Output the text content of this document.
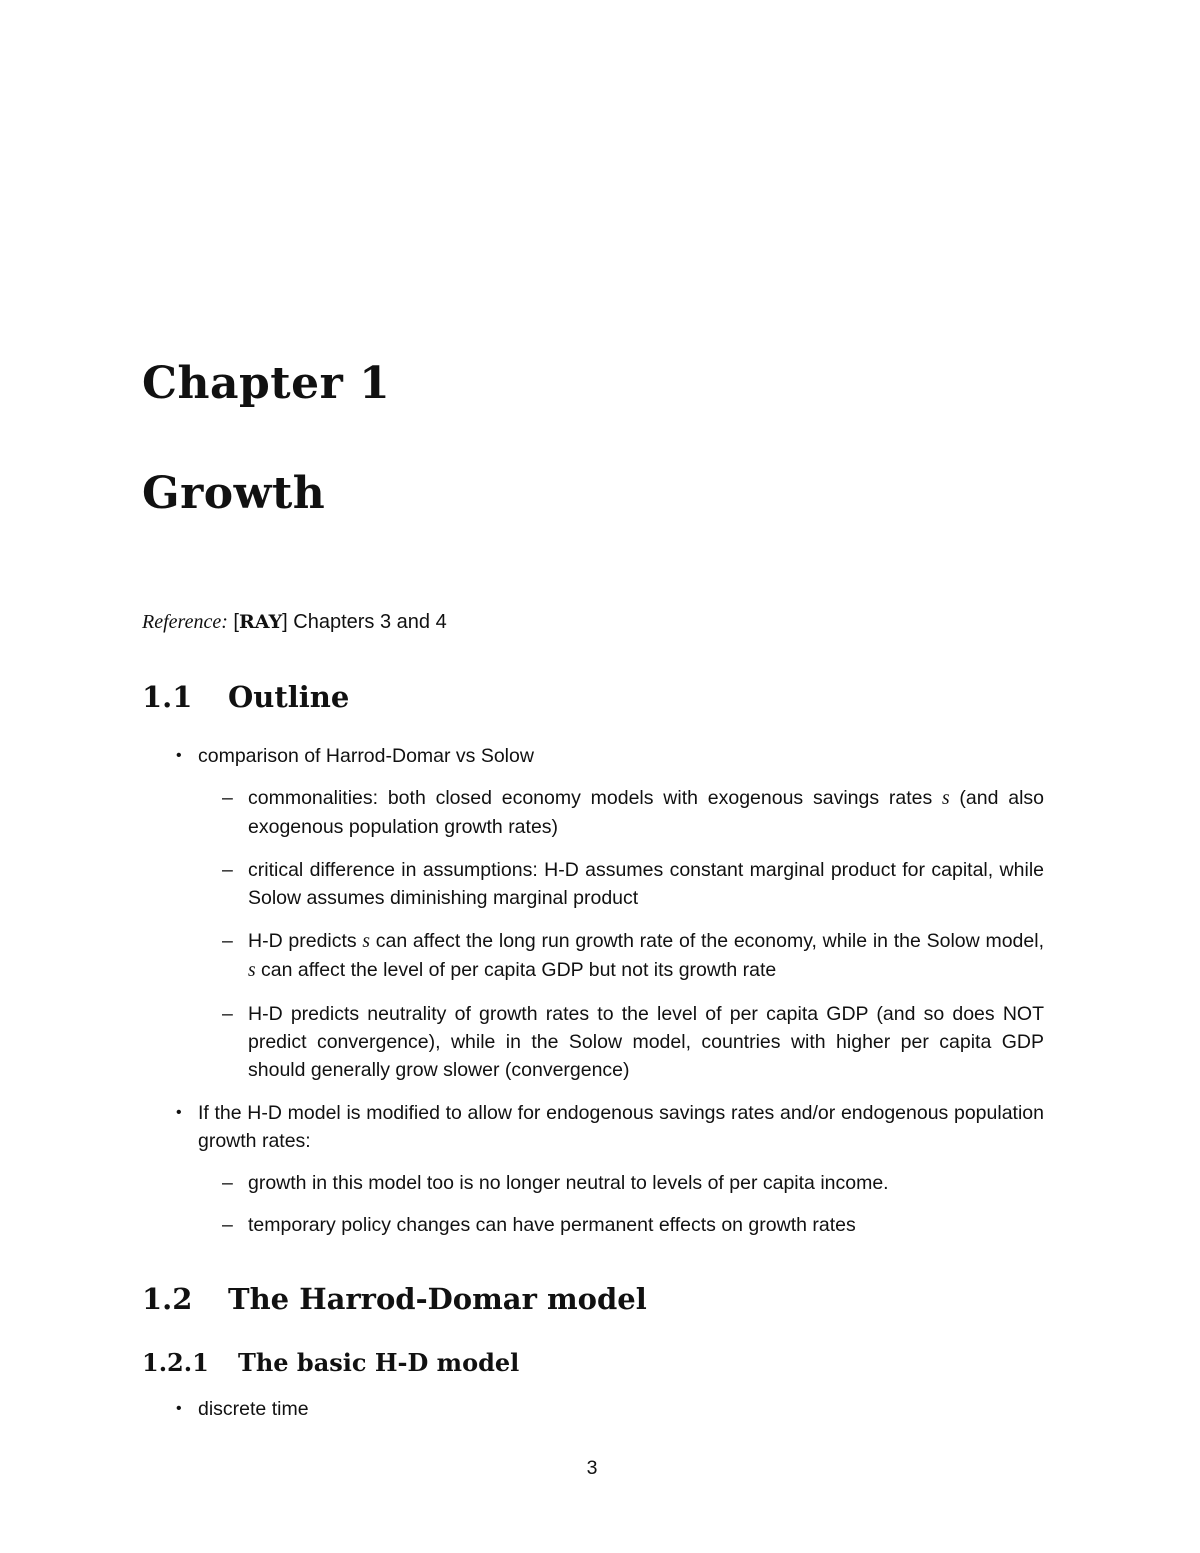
Chapter 1
Growth
Reference: [RAY] Chapters 3 and 4
1.1 Outline
• comparison of Harrod-Domar vs Solow
– commonalities: both closed economy models with exogenous savings rates s (and also exogenous population growth rates)
– critical difference in assumptions: H-D assumes constant marginal product for capital, while Solow assumes diminishing marginal product
– H-D predicts s can affect the long run growth rate of the economy, while in the Solow model, s can affect the level of per capita GDP but not its growth rate
– H-D predicts neutrality of growth rates to the level of per capita GDP (and so does NOT predict convergence), while in the Solow model, countries with higher per capita GDP should generally grow slower (convergence)
• If the H-D model is modified to allow for endogenous savings rates and/or endogenous population growth rates:
– growth in this model too is no longer neutral to levels of per capita income.
– temporary policy changes can have permanent effects on growth rates
1.2 The Harrod-Domar model
1.2.1 The basic H-D model
• discrete time
3
